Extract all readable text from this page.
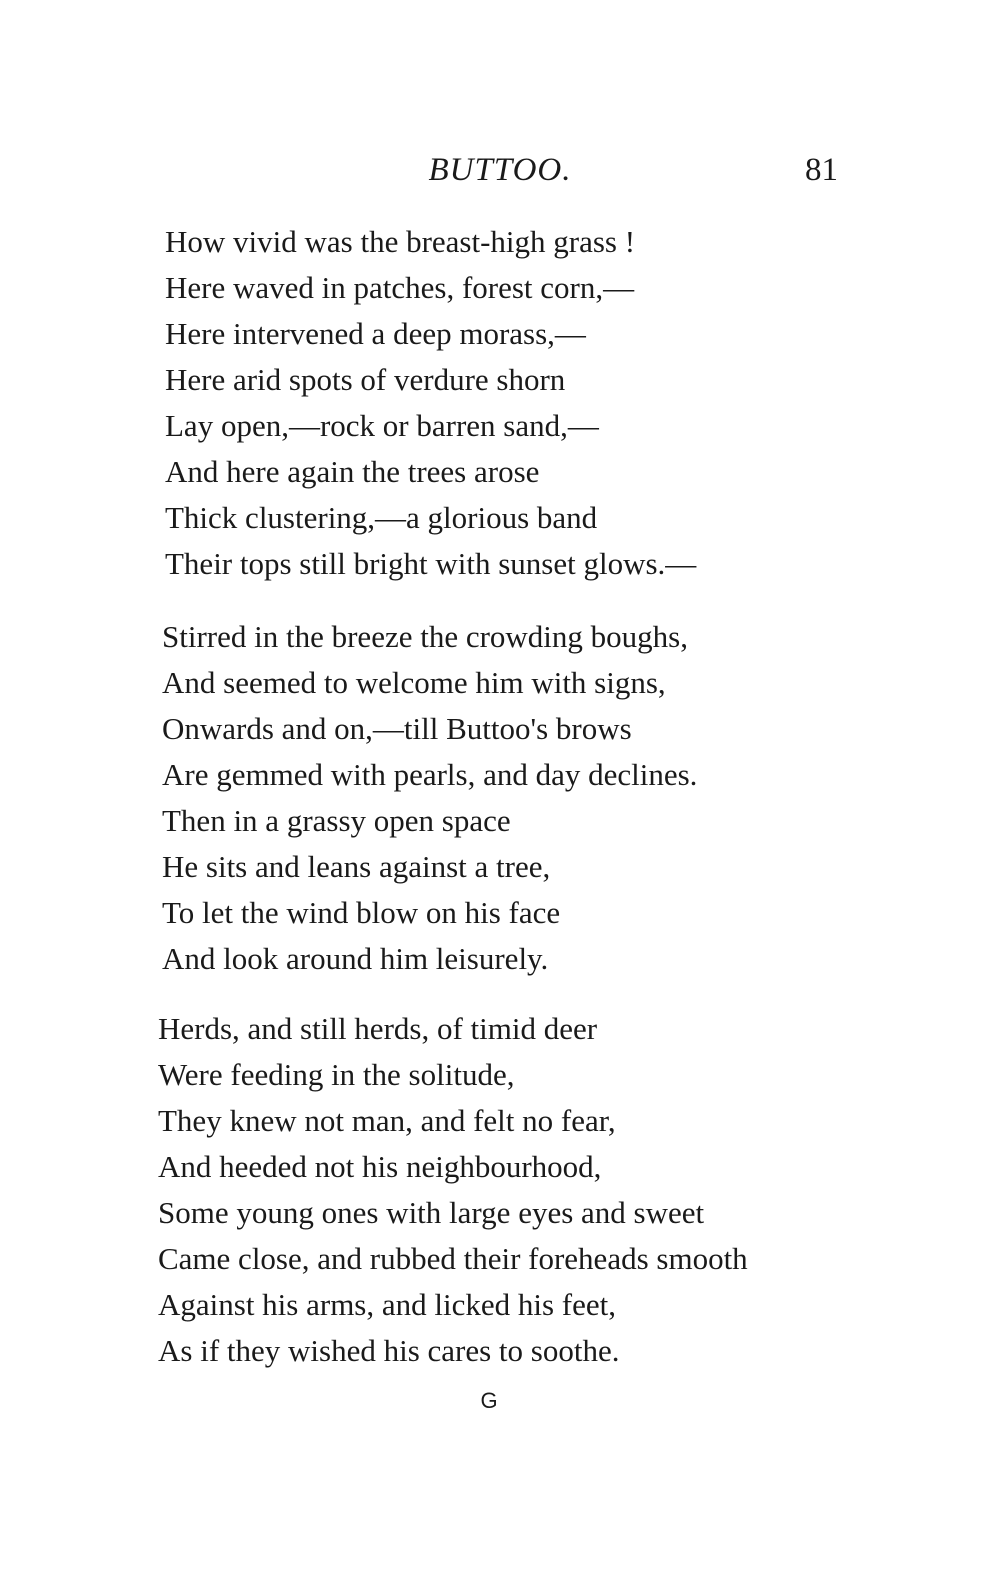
BUTTOO.	81
How vivid was the breast-high grass !
Here waved in patches, forest corn,—
Here intervened a deep morass,—
Here arid spots of verdure shorn
Lay open,—rock or barren sand,—
And here again the trees arose
Thick clustering,—a glorious band
Their tops still bright with sunset glows.—
Stirred in the breeze the crowding boughs,
And seemed to welcome him with signs,
Onwards and on,—till Buttoo's brows
Are gemmed with pearls, and day declines.
Then in a grassy open space
He sits and leans against a tree,
To let the wind blow on his face
And look around him leisurely.
Herds, and still herds, of timid deer
Were feeding in the solitude,
They knew not man, and felt no fear,
And heeded not his neighbourhood,
Some young ones with large eyes and sweet
Came close, and rubbed their foreheads smooth
Against his arms, and licked his feet,
As if they wished his cares to soothe.
G
